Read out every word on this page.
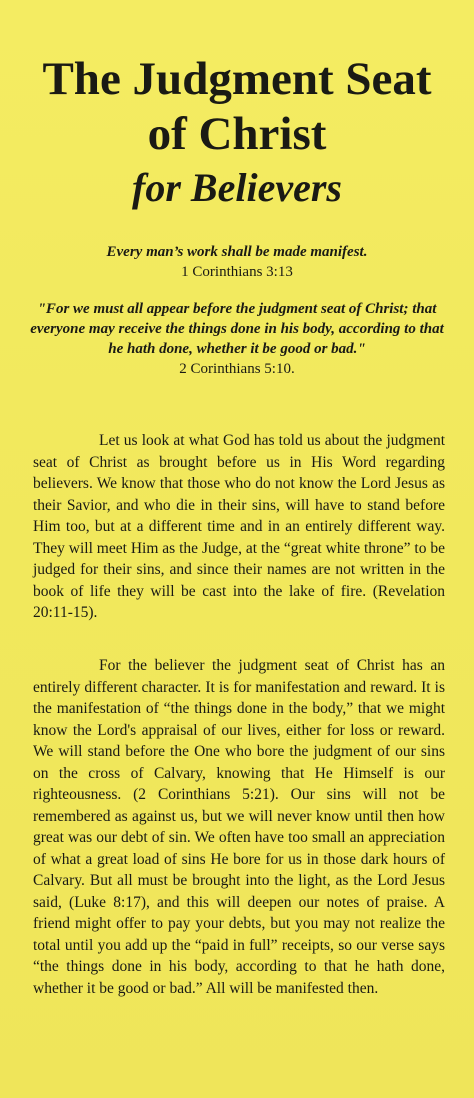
The Judgment Seat
of Christ
for Believers
Every man’s work shall be made manifest.
1 Corinthians 3:13
"For we must all appear before the judgment seat of Christ; that everyone may receive the things done in his body, according to that he hath done, whether it be good or bad."
2 Corinthians 5:10.

Let us look at what God has told us about the judgment seat of Christ as brought before us in His Word regarding believers. We know that those who do not know the Lord Jesus as their Savior, and who die in their sins, will have to stand before Him too, but at a different time and in an entirely different way. They will meet Him as the Judge, at the “great white throne” to be judged for their sins, and since their names are not written in the book of life they will be cast into the lake of fire. (Revelation 20:11-15).

For the believer the judgment seat of Christ has an entirely different character. It is for manifestation and reward. It is the manifestation of “the things done in the body,” that we might know the Lord's appraisal of our lives, either for loss or reward. We will stand before the One who bore the judgment of our sins on the cross of Calvary, knowing that He Himself is our righteousness. (2 Corinthians 5:21). Our sins will not be remembered as against us, but we will never know until then how great was our debt of sin. We often have too small an appreciation of what a great load of sins He bore for us in those dark hours of Calvary. But all must be brought into the light, as the Lord Jesus said, (Luke 8:17), and this will deepen our notes of praise. A friend might offer to pay your debts, but you may not realize the total until you add up the “paid in full” receipts, so our verse says “the things done in his body, according to that he hath done, whether it be good or bad.” All will be manifested then.
